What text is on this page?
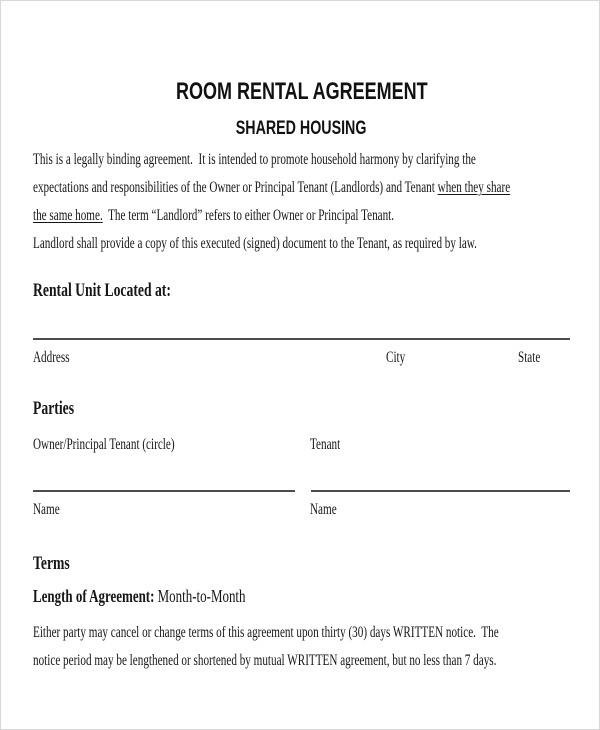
ROOM RENTAL AGREEMENT
SHARED HOUSING
This is a legally binding agreement.  It is intended to promote household harmony by clarifying the
expectations and responsibilities of the Owner or Principal Tenant (Landlords) and Tenant when they share
the same home.  The term “Landlord” refers to either Owner or Principal Tenant.
Landlord shall provide a copy of this executed (signed) document to the Tenant, as required by law.
Rental Unit Located at:
Address	City	State
Parties
Owner/Principal Tenant (circle)	Tenant
Name	Name
Terms
Length of Agreement: Month-to-Month
Either party may cancel or change terms of this agreement upon thirty (30) days WRITTEN notice.  The
notice period may be lengthened or shortened by mutual WRITTEN agreement, but no less than 7 days.
